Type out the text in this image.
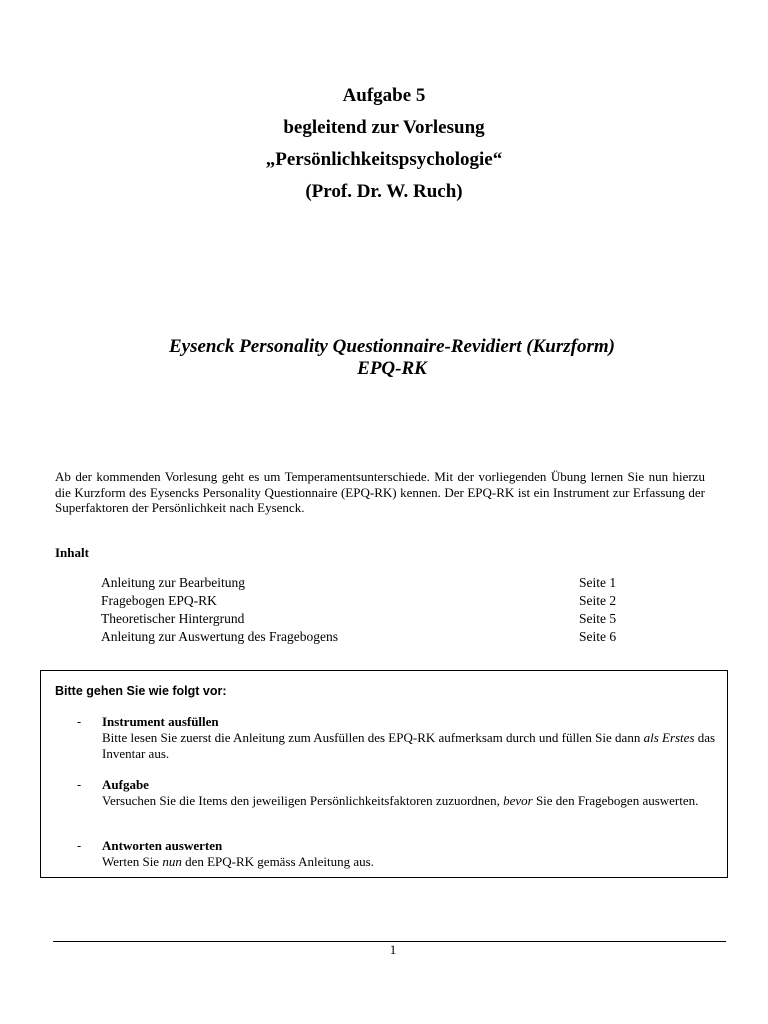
Aufgabe 5
begleitend zur Vorlesung
„Persönlichkeitspsychologie“
(Prof. Dr. W. Ruch)
Eysenck Personality Questionnaire-Revidiert (Kurzform)
EPQ-RK
Ab der kommenden Vorlesung geht es um Temperamentsunterschiede. Mit der vorliegenden Übung lernen Sie nun hierzu die Kurzform des Eysencks Personality Questionnaire (EPQ-RK) kennen. Der EPQ-RK ist ein Instrument zur Erfassung der Superfaktoren der Persönlichkeit nach Eysenck.
Inhalt
Anleitung zur Bearbeitung	Seite 1
Fragebogen EPQ-RK	Seite 2
Theoretischer Hintergrund	Seite 5
Anleitung zur Auswertung des Fragebogens	Seite 6
Bitte gehen Sie wie folgt vor:
- Instrument ausfüllen
Bitte lesen Sie zuerst die Anleitung zum Ausfüllen des EPQ-RK aufmerksam durch und füllen Sie dann als Erstes das Inventar aus.
- Aufgabe
Versuchen Sie die Items den jeweiligen Persönlichkeitsfaktoren zuzuordnen, bevor Sie den Fragebogen auswerten.
- Antworten auswerten
Werten Sie nun den EPQ-RK gemäss Anleitung aus.
1
